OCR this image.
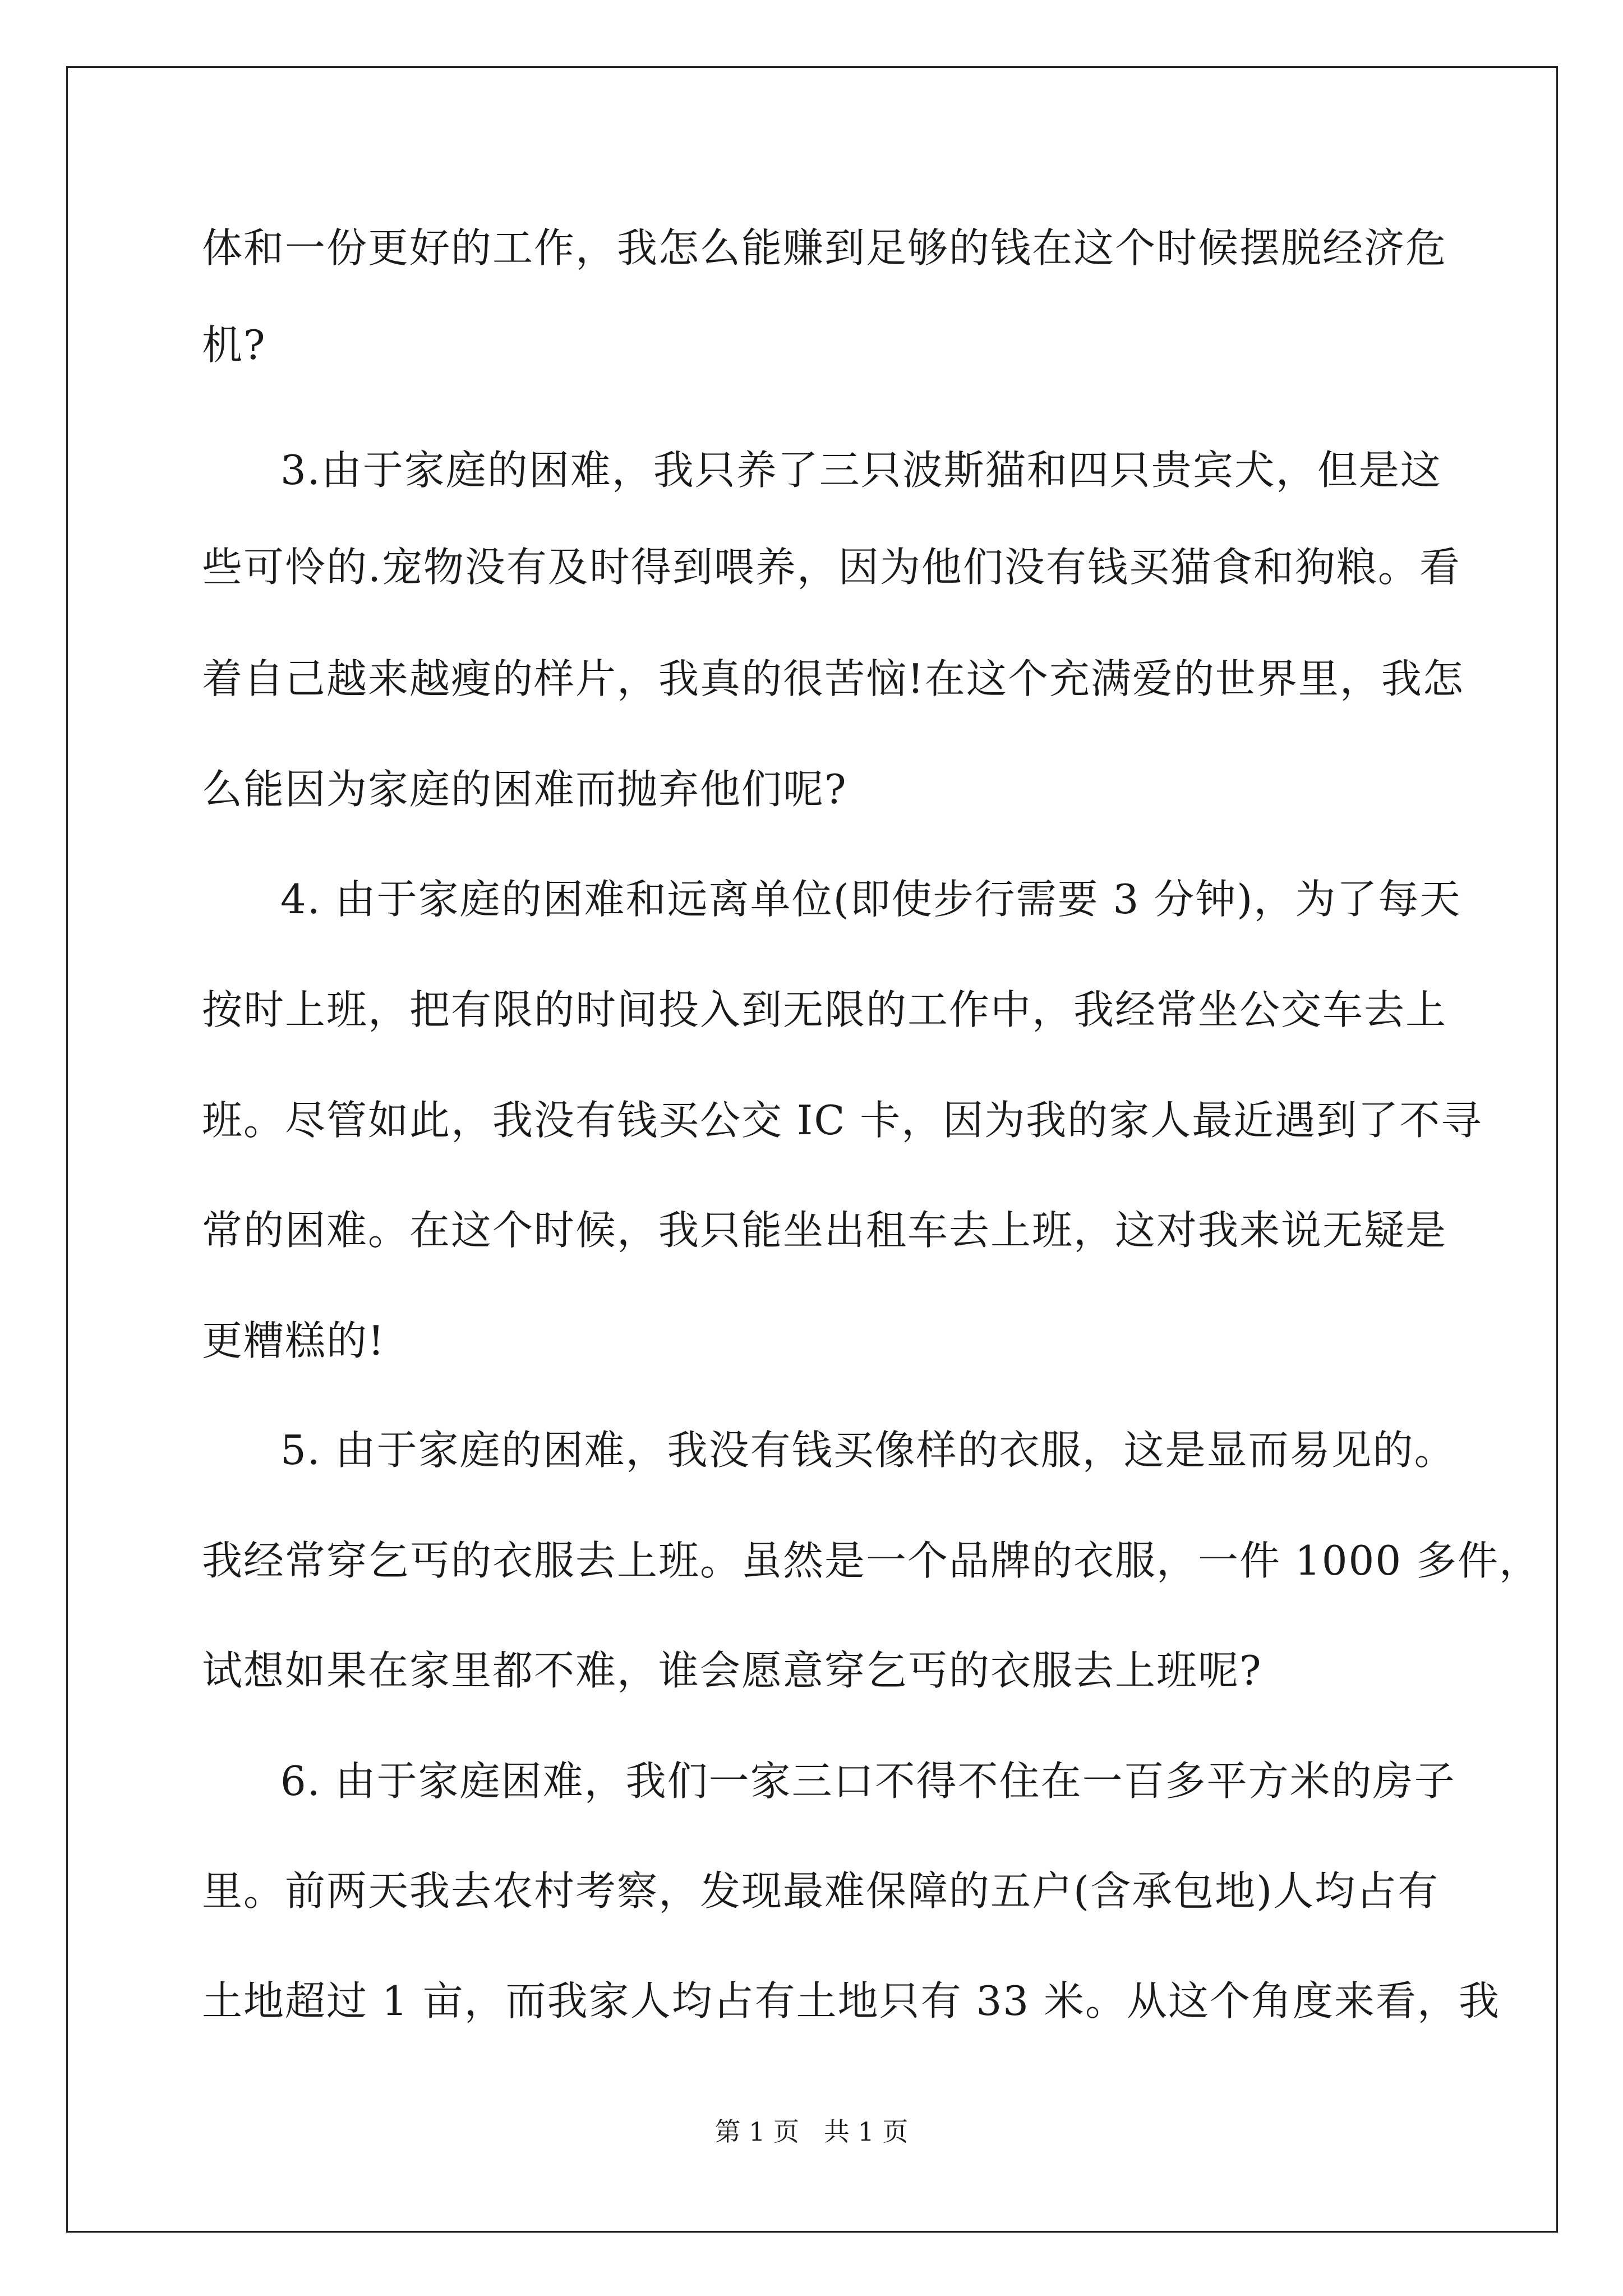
体和一份更好的工作，我怎么能赚到足够的钱在这个时候摆脱经济危

机?

3.由于家庭的困难，我只养了三只波斯猫和四只贵宾犬，但是这

些可怜的.宠物没有及时得到喂养，因为他们没有钱买猫食和狗粮。看

着自己越来越瘦的样片，我真的很苦恼!在这个充满爱的世界里，我怎

么能因为家庭的困难而抛弃他们呢?

4. 由于家庭的困难和远离单位(即使步行需要 3 分钟)，为了每天

按时上班，把有限的时间投入到无限的工作中，我经常坐公交车去上

班。尽管如此，我没有钱买公交 IC 卡，因为我的家人最近遇到了不寻

常的困难。在这个时候，我只能坐出租车去上班，这对我来说无疑是

更糟糕的!

5. 由于家庭的困难，我没有钱买像样的衣服，这是显而易见的。

我经常穿乞丐的衣服去上班。虽然是一个品牌的衣服，一件 1000 多件，

试想如果在家里都不难，谁会愿意穿乞丐的衣服去上班呢?

6. 由于家庭困难，我们一家三口不得不住在一百多平方米的房子

里。前两天我去农村考察，发现最难保障的五户(含承包地)人均占有

土地超过 1 亩，而我家人均占有土地只有 33 米。从这个角度来看，我

第 1 页   共 1 页
